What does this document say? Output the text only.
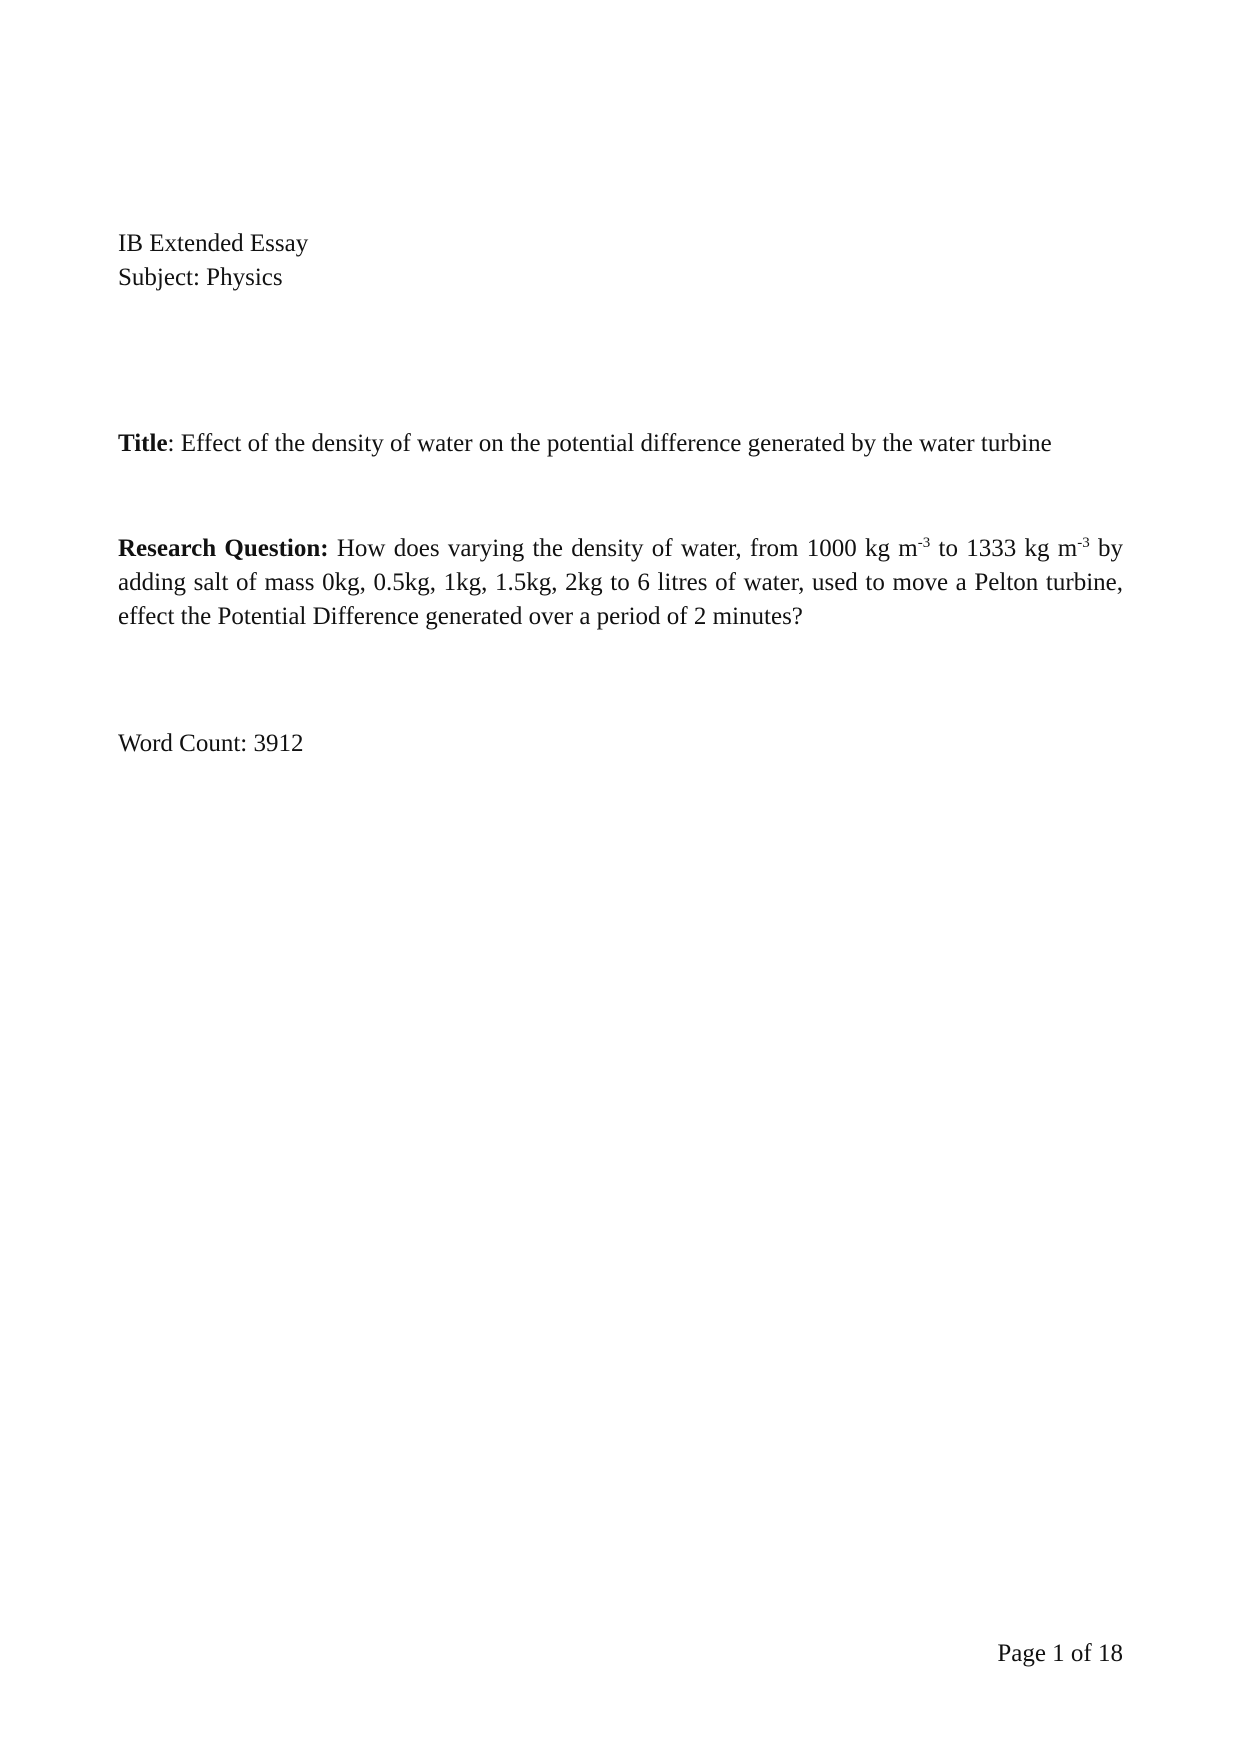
IB Extended Essay
Subject: Physics
Title: Effect of the density of water on the potential difference generated by the water turbine
Research Question: How does varying the density of water, from 1000 kg $m^{-3}$ to 1333 kg $m^{-3}$ by adding salt of mass 0kg, 0.5kg, 1kg, 1.5kg, 2kg to 6 litres of water, used to move a Pelton turbine, effect the Potential Difference generated over a period of 2 minutes?
Word Count: 3912
Page 1 of 18
